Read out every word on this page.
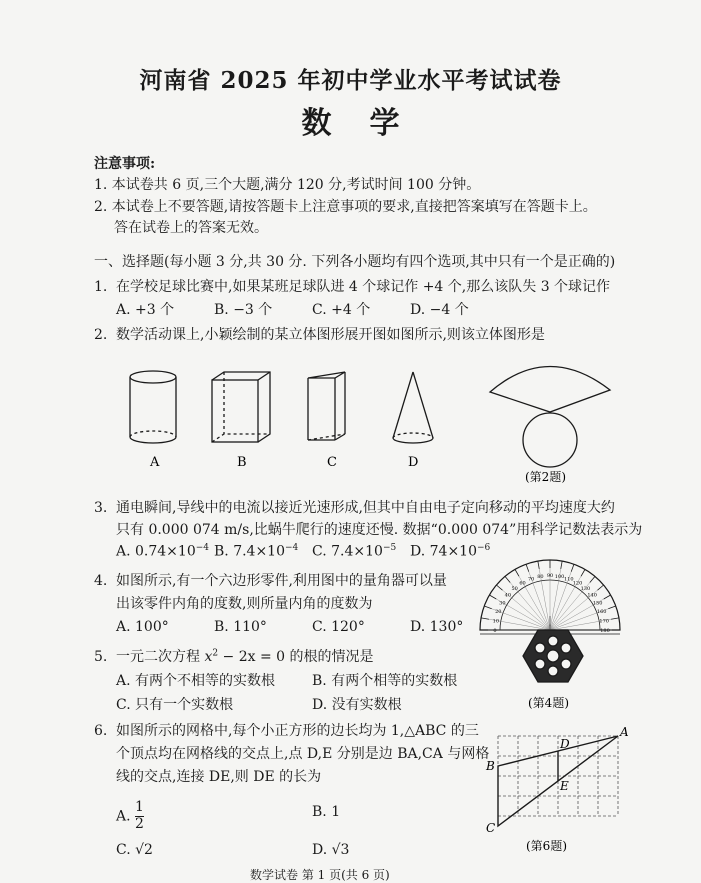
河南省 2025 年初中学业水平考试试卷
数学
注意事项:
1. 本试卷共 6 页,三个大题,满分 120 分,考试时间 100 分钟。
2. 本试卷上不要答题,请按答题卡上注意事项的要求,直接把答案填写在答题卡上。
答在试卷上的答案无效。
一、选择题(每小题 3 分,共 30 分. 下列各小题均有四个选项,其中只有一个是正确的)
1. 在学校足球比赛中,如果某班足球队进 4 个球记作 +4 个,那么该队失 3 个球记作
A. +3 个	B. −3 个	C. +4 个	D. −4 个
2. 数学活动课上,小颖绘制的某立体图形展开图如图所示,则该立体图形是
A	B	C	D
(第2题)
3. 通电瞬间,导线中的电流以接近光速形成,但其中自由电子定向移动的平均速度大约
只有 0.000 074 m/s,比蜗牛爬行的速度还慢. 数据“0.000 074”用科学记数法表示为
A. $0.74\times 10^{-4}$ B. $7.4\times 10^{-4}$ C. $7.4\times 10^{-5}$ D. $74\times 10^{-6}$
4. 如图所示,有一个六边形零件,利用图中的量角器可以量
出该零件内角的度数,则所量内角的度数为
A. 100°	B. 110°	C. 120°	D. 130°	0
10
20
30
40
50
60
70 80 90 100 110
120
130
140
150
160
170
180
(第4题)
5. 一元二次方程 $x^2 - 2x = 0$ 的根的情况是
A. 有两个不相等的实数根	B. 有两个相等的实数根
C. 只有一个实数根	D. 没有实数根
6. 如图所示的网格中,每个小正方形的边长均为 1,△ABC 的三
个顶点均在网格线的交点上,点 D,E 分别是边 BA,CA 与网格
线的交点,连接 DE,则 DE 的长为
A. $\frac{1}{2}$	B. 1
C. √2	D. √3
A
B
C
D
E
(第6题)
数学试卷 第 1 页(共 6 页)
